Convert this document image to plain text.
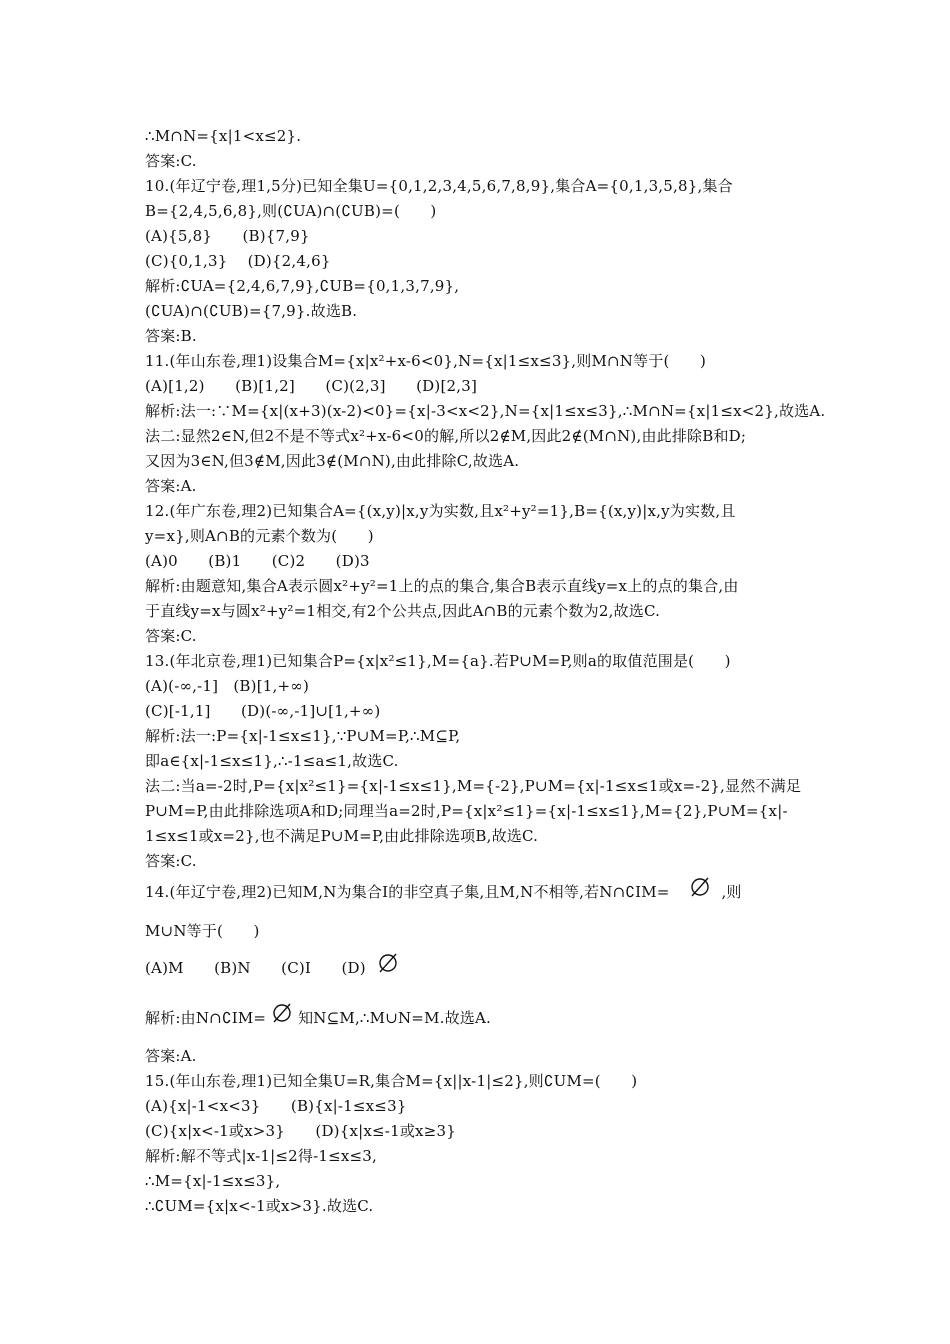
∴M∩N={x|1<x≤2}.
答案:C.
10.(年辽宁卷,理1,5分)已知全集U={0,1,2,3,4,5,6,7,8,9},集合A={0,1,3,5,8},集合
B={2,4,5,6,8},则(∁UA)∩(∁UB)=(　　)
(A){5,8}　　(B){7,9}
(C){0,1,3}　 (D){2,4,6}
解析:∁UA={2,4,6,7,9},∁UB={0,1,3,7,9},
(∁UA)∩(∁UB)={7,9}.故选B.
答案:B.
11.(年山东卷,理1)设集合M={x|x²+x-6<0},N={x|1≤x≤3},则M∩N等于(　　)
(A)[1,2)　　(B)[1,2]　　(C)(2,3]　　(D)[2,3]
解析:法一:∵M={x|(x+3)(x-2)<0}={x|-3<x<2},N={x|1≤x≤3},∴M∩N={x|1≤x<2},故选A.
法二:显然2∈N,但2不是不等式x²+x-6<0的解,所以2∉M,因此2∉(M∩N),由此排除B和D;
又因为3∈N,但3∉M,因此3∉(M∩N),由此排除C,故选A.
答案:A.
12.(年广东卷,理2)已知集合A={(x,y)|x,y为实数,且x²+y²=1},B={(x,y)|x,y为实数,且
y=x},则A∩B的元素个数为(　　)
(A)0　　(B)1　　(C)2　　(D)3
解析:由题意知,集合A表示圆x²+y²=1上的点的集合,集合B表示直线y=x上的点的集合,由
于直线y=x与圆x²+y²=1相交,有2个公共点,因此A∩B的元素个数为2,故选C.
答案:C.
13.(年北京卷,理1)已知集合P={x|x²≤1},M={a}.若P∪M=P,则a的取值范围是(　　)
(A)(-∞,-1]　(B)[1,+∞)
(C)[-1,1]　　(D)(-∞,-1]∪[1,+∞)
解析:法一:P={x|-1≤x≤1},∵P∪M=P,∴M⊆P,
即a∈{x|-1≤x≤1},∴-1≤a≤1,故选C.
法二:当a=-2时,P={x|x²≤1}={x|-1≤x≤1},M={-2},P∪M={x|-1≤x≤1或x=-2},显然不满足
P∪M=P,由此排除选项A和D;同理当a=2时,P={x|x²≤1}={x|-1≤x≤1},M={2},P∪M={x|-
1≤x≤1或x=2},也不满足P∪M=P,由此排除选项B,故选C.
答案:C.
14.(年辽宁卷,理2)已知M,N为集合I的非空真子集,且M,N不相等,若N∩∁IM=	,则
M∪N等于(　　)
(A)M　　(B)N　　(C)I　　(D)
解析:由N∩∁IM= 知N⊆M,∴M∪N=M.故选A.
答案:A.
15.(年山东卷,理1)已知全集U=R,集合M={x||x-1|≤2},则∁UM=(　　)
(A){x|-1<x<3}　　(B){x|-1≤x≤3}
(C){x|x<-1或x>3}　　(D){x|x≤-1或x≥3}
解析:解不等式|x-1|≤2得-1≤x≤3,
∴M={x|-1≤x≤3},
∴∁UM={x|x<-1或x>3}.故选C.
